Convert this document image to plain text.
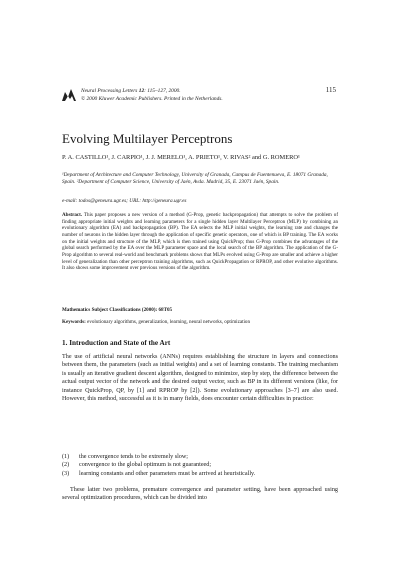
Neural Processing Letters 12: 115–127, 2000.
© 2000 Kluwer Academic Publishers. Printed in the Netherlands.
115
Evolving Multilayer Perceptrons
P. A. CASTILLO¹, J. CARPIO¹, J. J. MERELO¹, A. PRIETO¹, V. RIVAS² and G. ROMERO¹
¹Department of Architecture and Computer Technology, University of Granada, Campus de Fuentenueva, E. 18071 Granada, Spain. ²Department of Computer Science, University of Jaén, Avda. Madrid, 35, E. 23071 Jaén, Spain.
e-mail: todos@geneura.ugr.es; URL: http://geneura.ugr.es
Abstract. This paper proposes a new version of a method (G-Prop, genetic backpropagation) that attempts to solve the problem of finding appropriate initial weights and learning parameters for a single hidden layer Multilayer Perceptron (MLP) by combining an evolutionary algorithm (EA) and backpropagation (BP). The EA selects the MLP initial weights, the learning rate and changes the number of neurons in the hidden layer through the application of specific genetic operators, one of which is BP training. The EA works on the initial weights and structure of the MLP, which is then trained using QuickProp; thus G-Prop combines the advantages of the global search performed by the EA over the MLP parameter space and the local search of the BP algorithm. The application of the G-Prop algorithm to several real-world and benchmark problems shows that MLPs evolved using G-Prop are smaller and achieve a higher level of generalization than other perceptron training algorithms, such as QuickPropagation or RPROP, and other evolutive algorithms. It also shows some improvement over previous versions of the algorithm.
Mathematics Subject Classifications (2000): 68T05
Keywords: evolutionary algorithms, generalization, learning, neural networks, optimization
1. Introduction and State of the Art
The use of artificial neural networks (ANNs) requires establishing the structure in layers and connections between them, the parameters (such as initial weights) and a set of learning constants. The training mechanism is usually an iterative gradient descent algorithm, designed to minimize, step by step, the difference between the actual output vector of the network and the desired output vector, such as BP in its different versions (like, for instance QuickProp, QP, by [1] and RPROP by [2]). Some evolutionary approaches [3–7] are also used. However, this method, successful as it is in many fields, does encounter certain difficulties in practice:
(1) the convergence tends to be extremely slow;
(2) convergence to the global optimum is not guaranteed;
(3) learning constants and other parameters must be arrived at heuristically.
These latter two problems, premature convergence and parameter setting, have been approached using several optimization procedures, which can be divided into
